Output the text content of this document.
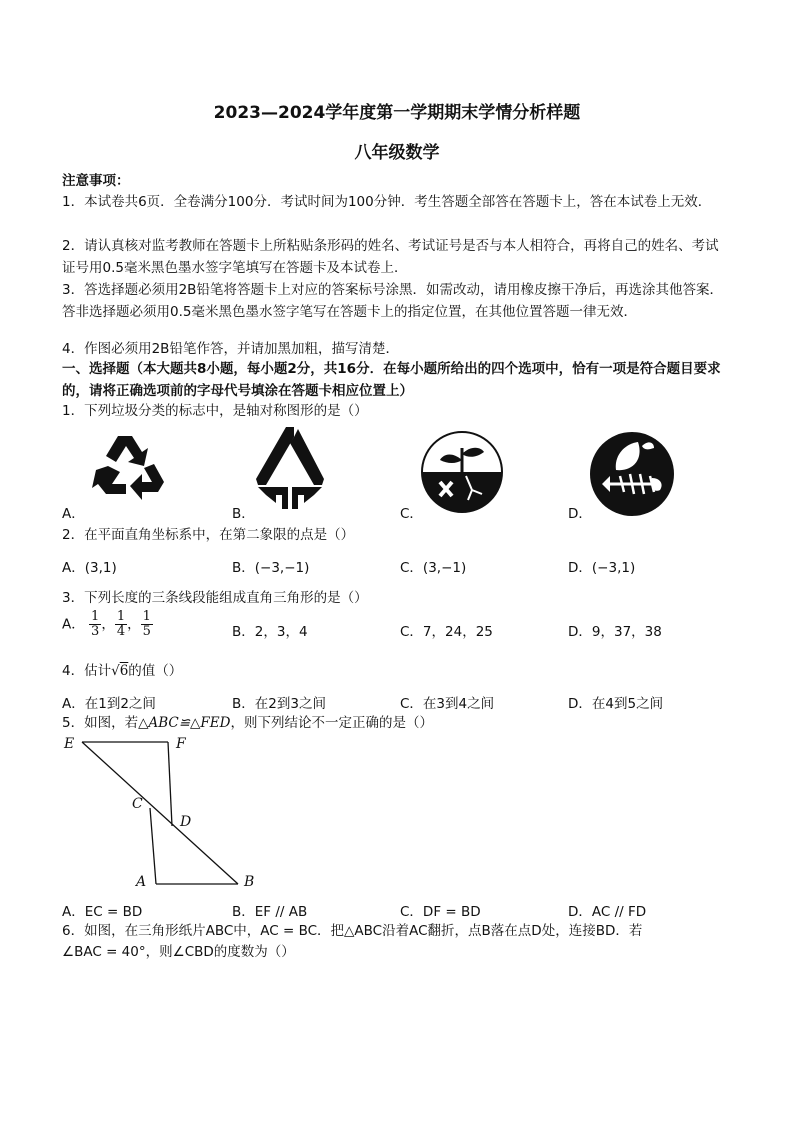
2023—2024学年度第一学期期末学情分析样题
八年级数学
注意事项：
1．本试卷共6页．全卷满分100分．考试时间为100分钟．考生答题全部答在答题卡上，答在本试卷上无效．
2．请认真核对监考教师在答题卡上所粘贴条形码的姓名、考试证号是否与本人相符合，再将自己的姓名、考试证号用0.5毫米黑色墨水签字笔填写在答题卡及本试卷上．
3．答选择题必须用2B铅笔将答题卡上对应的答案标号涂黑．如需改动，请用橡皮擦干净后，再选涂其他答案．答非选择题必须用0.5毫米黑色墨水签字笔写在答题卡上的指定位置，在其他位置答题一律无效．
4．作图必须用2B铅笔作答，并请加黑加粗，描写清楚．
一、选择题（本大题共8小题，每小题2分，共16分．在每小题所给出的四个选项中，恰有一项是符合题目要求的，请将正确选项前的字母代号填涂在答题卡相应位置上）
1．下列垃圾分类的标志中，是轴对称图形的是（）
A．	B．	C．	D．
2．在平面直角坐标系中，在第二象限的点是（）
A．(3,1)	B．(−3,−1)	C．(3,−1)	D．(−3,1)
3．下列长度的三条线段能组成直角三角形的是（）
A． $\frac{1}{3}$ ， $\frac{1}{4}$ ， $\frac{1}{5}$	B．2，3，4	C．7，24，25	D．9，37，38
4．估计√6的值（）
A．在1到2之间	B．在2到3之间	C．在3到4之间	D．在4到5之间
5．如图，若△ABC≌△FED，则下列结论不一定正确的是（）
E	F
C
D
A	B
A．EC = BD	B．EF // AB	C．DF = BD	D．AC // FD
6．如图，在三角形纸片ABC中，AC = BC．把△ABC沿着AC翻折，点B落在点D处，连接BD．若
∠BAC = 40°，则∠CBD的度数为（）
